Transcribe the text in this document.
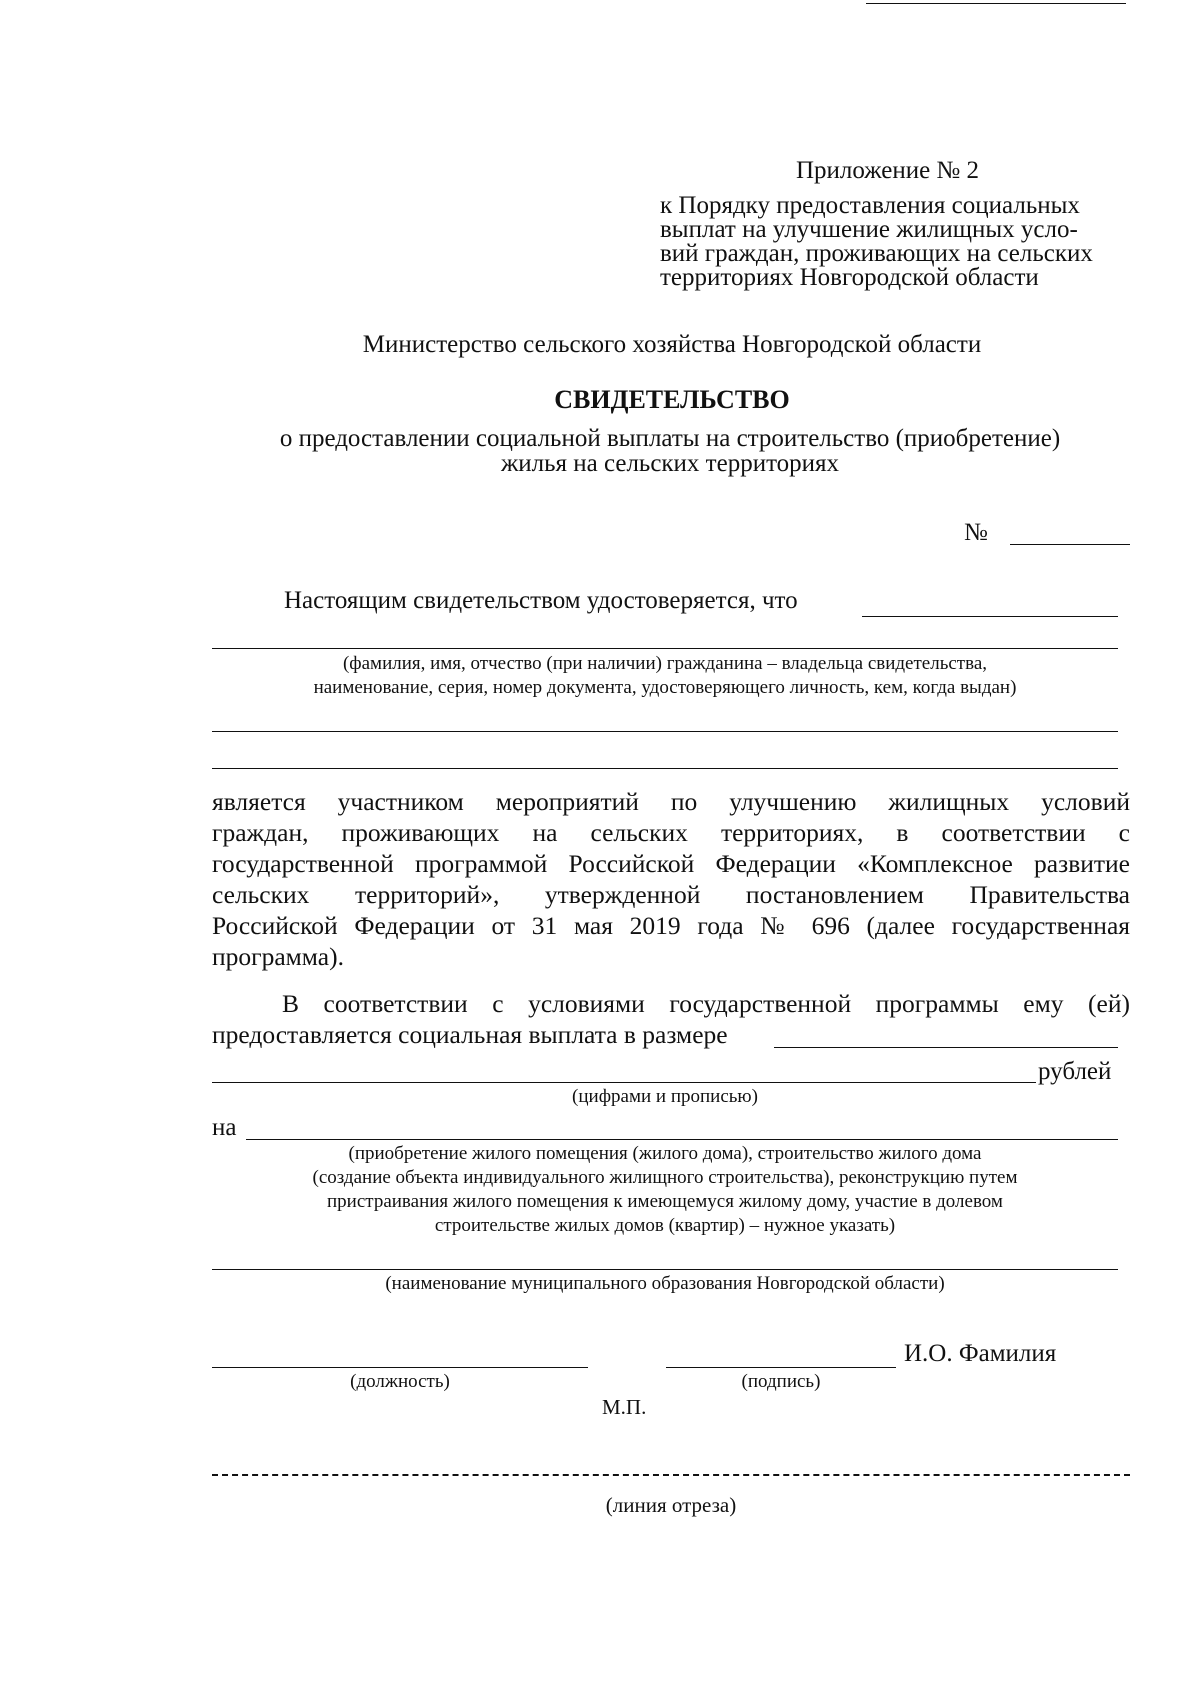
Приложение № 2
к Порядку предоставления социальных
выплат на улучшение жилищных усло-
вий граждан, проживающих на сельских
территориях Новгородской области
Министерство сельского хозяйства Новгородской области
СВИДЕТЕЛЬСТВО
о предоставлении социальной выплаты на строительство (приобретение)
жилья на сельских территориях
№
Настоящим свидетельством удостоверяется, что
(фамилия, имя, отчество (при наличии) гражданина – владельца свидетельства,
наименование, серия, номер документа, удостоверяющего личность, кем, когда выдан)
является участником мероприятий по улучшению жилищных условий
граждан, проживающих на сельских территориях, в соответствии с
государственной программой Российской Федерации «Комплексное развитие
сельских территорий», утвержденной постановлением Правительства
Российской Федерации от 31 мая 2019 года № 696 (далее государственная
программа).
В соответствии с условиями государственной программы ему (ей)
предоставляется социальная выплата в размере
рублей
(цифрами и прописью)
на
(приобретение жилого помещения (жилого дома), строительство жилого дома
(создание объекта индивидуального жилищного строительства), реконструкцию путем
пристраивания жилого помещения к имеющемуся жилому дому, участие в долевом
строительстве жилых домов (квартир) – нужное указать)
(наименование муниципального образования Новгородской области)
(должность)	(подпись)
И.О. Фамилия
М.П.
(линия отреза)
